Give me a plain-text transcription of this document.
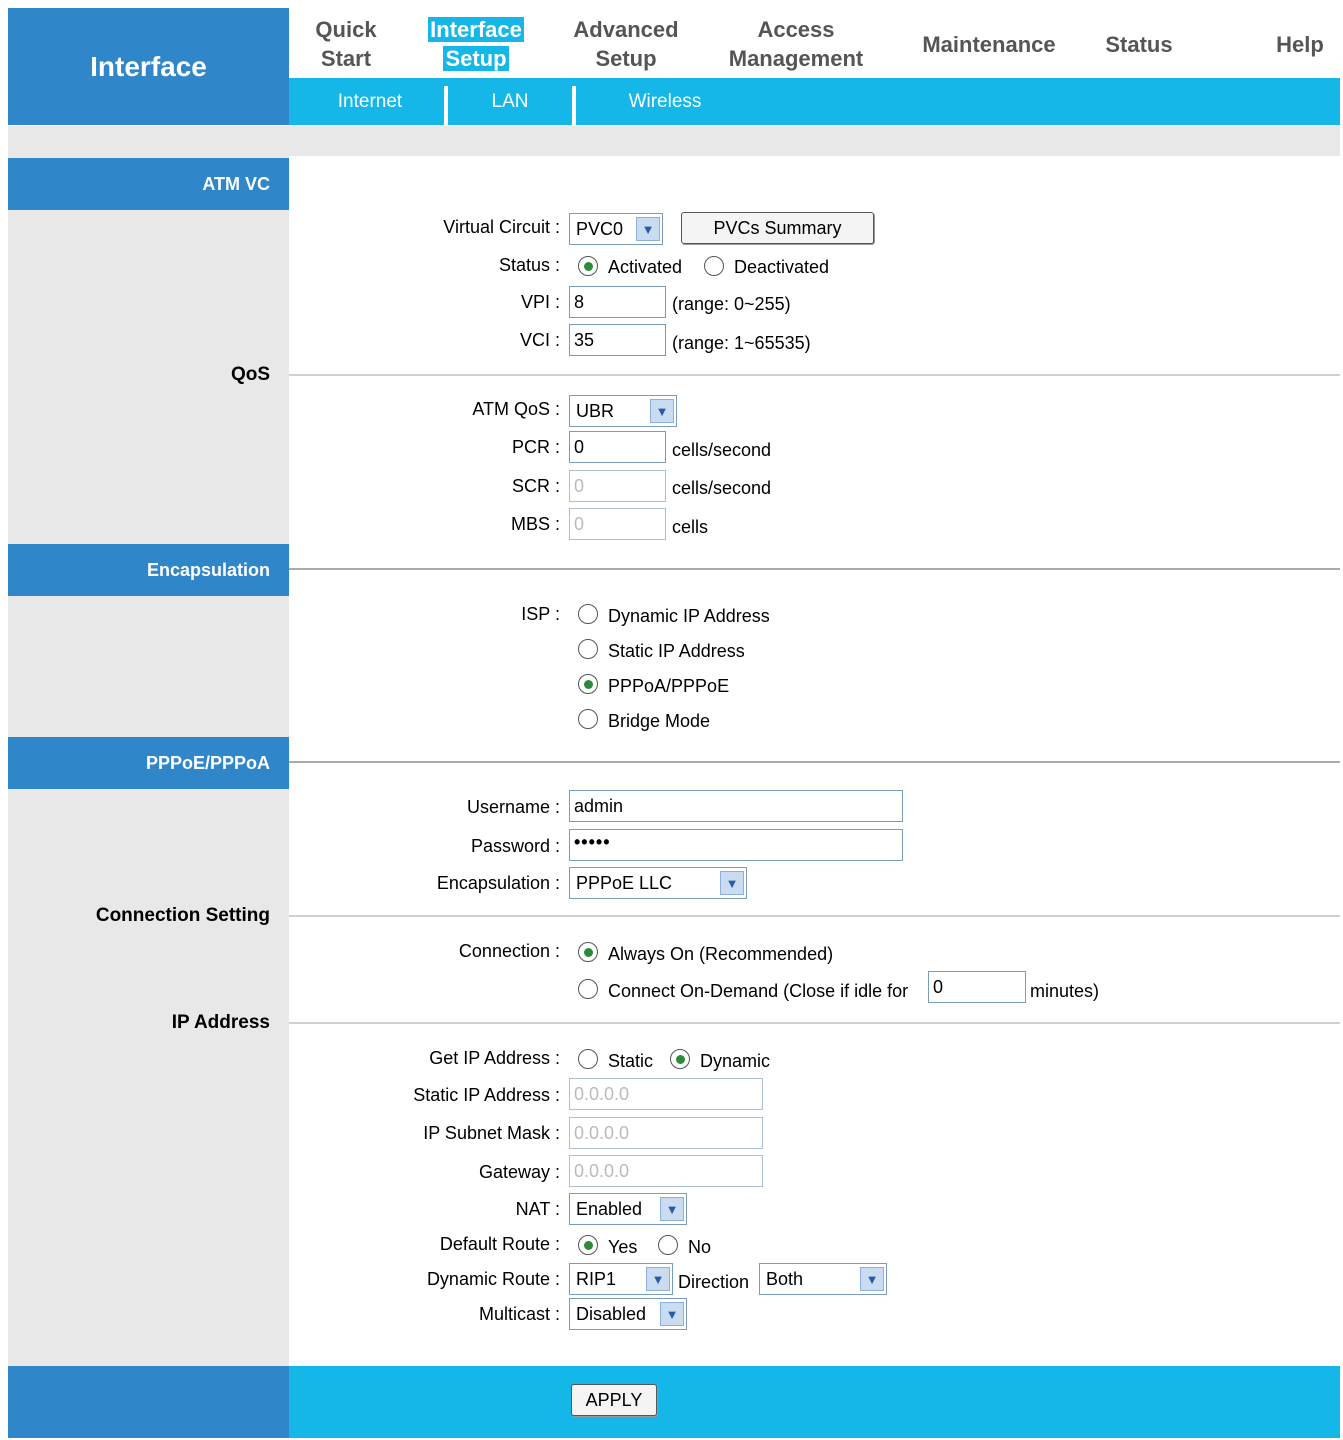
Interface
Quick
Start
Interface
Setup
Advanced
Setup
Access
Management
Maintenance Status	Help
Internet	LAN	Wireless
ATM VC
QoS
Encapsulation
PPPoE/PPPoA
Connection Setting
IP Address
Virtual Circuit : PVC0	▼	PVCs Summary
Status :	Activated	Deactivated
VPI :
8	(range: 0~255)
VCI :
35	(range: 1~65535)
ATM QoS : UBR	▼
PCR :
0	cells/second
SCR :
0	cells/second
MBS :
0	cells
ISP :	Dynamic IP Address
Static IP Address
PPPoA/PPPoE
Bridge Mode
Username :
admin
Password : •••••
Encapsulation : PPPoE LLC	▼
Connection :	Always On (Recommended)
Connect On-Demand (Close if idle for
0	minutes)
Get IP Address :	Static	Dynamic
Static IP Address :
0.0.0.0
IP Subnet Mask :
0.0.0.0
Gateway :
0.0.0.0
NAT : Enabled	▼
Default Route :	Yes	No
Dynamic Route : RIP1	▼ Direction Both	▼
Multicast : Disabled	▼
APPLY
